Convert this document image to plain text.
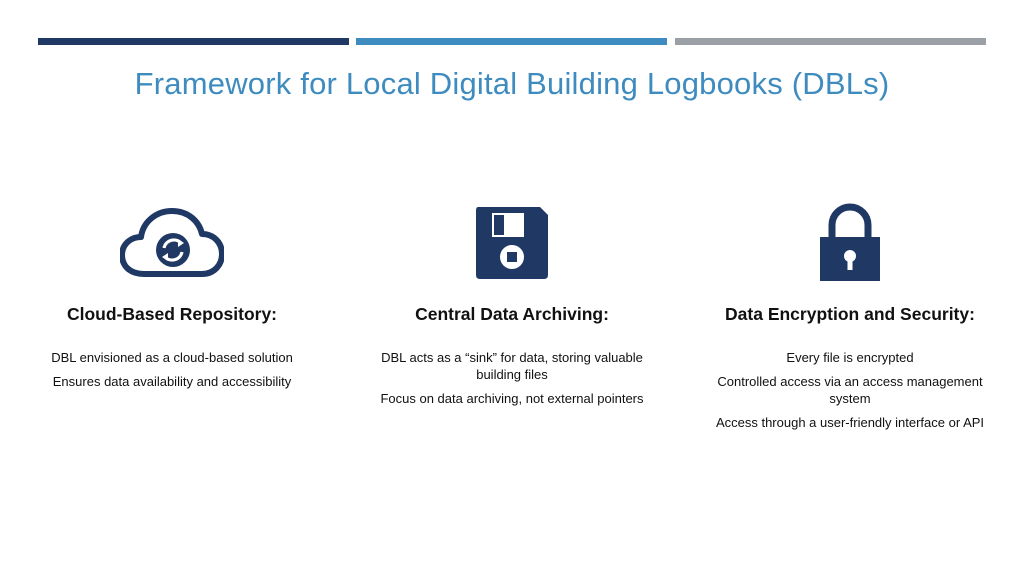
Framework for Local Digital Building Logbooks (DBLs)
Cloud-Based Repository:
DBL envisioned as a cloud-based solution
Ensures data availability and accessibility
Central Data Archiving:
DBL acts as a “sink” for data, storing valuable building files
Focus on data archiving, not external pointers
Data Encryption and Security:
Every file is encrypted
Controlled access via an access management system
Access through a user-friendly interface or API
